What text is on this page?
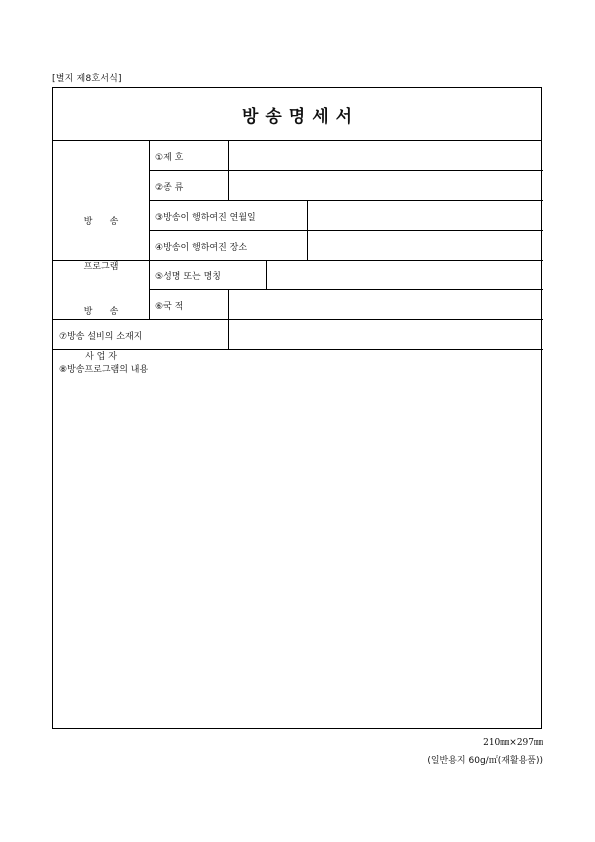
[별지 제8호서식]
방송명세서

방      송

프로그램

방      송

사 업 자

①제 호
②종 류
③방송이 행하여진 연월일
④방송이 행하여진 장소
⑤성명 또는 명칭
⑥국 적
⑦방송 설비의 소재지
⑧방송프로그램의 내용
210㎜×297㎜
(일반용지 60g/㎡(재활용품))
